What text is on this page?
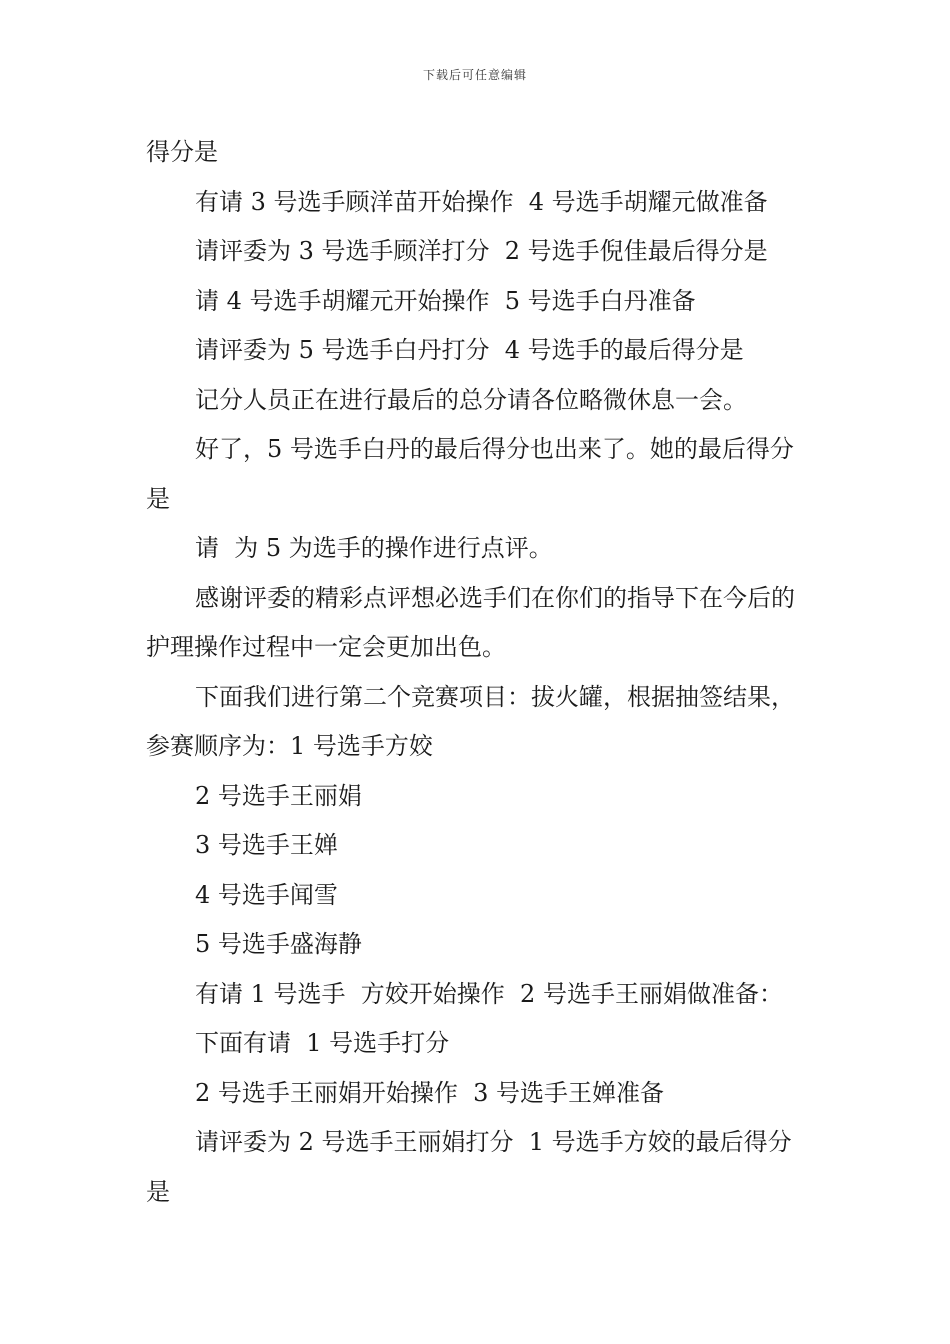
下载后可任意编辑

得分是

有请 3 号选手顾洋苗开始操作  4 号选手胡耀元做准备

请评委为 3 号选手顾洋打分  2 号选手倪佳最后得分是

请 4 号选手胡耀元开始操作  5 号选手白丹准备

请评委为 5 号选手白丹打分  4 号选手的最后得分是

记分人员正在进行最后的总分请各位略微休息一会。

好了，5 号选手白丹的最后得分也出来了。她的最后得分是

请  为 5 为选手的操作进行点评。

感谢评委的精彩点评想必选手们在你们的指导下在今后的护理操作过程中一定会更加出色。

下面我们进行第二个竞赛项目：拔火罐，根据抽签结果，参赛顺序为：1 号选手方姣

2 号选手王丽娟

3 号选手王婵

4 号选手闻雪

5 号选手盛海静

有请 1 号选手  方姣开始操作  2 号选手王丽娟做准备：

下面有请  1 号选手打分

2 号选手王丽娟开始操作  3 号选手王婵准备

请评委为 2 号选手王丽娟打分  1 号选手方姣的最后得分是
